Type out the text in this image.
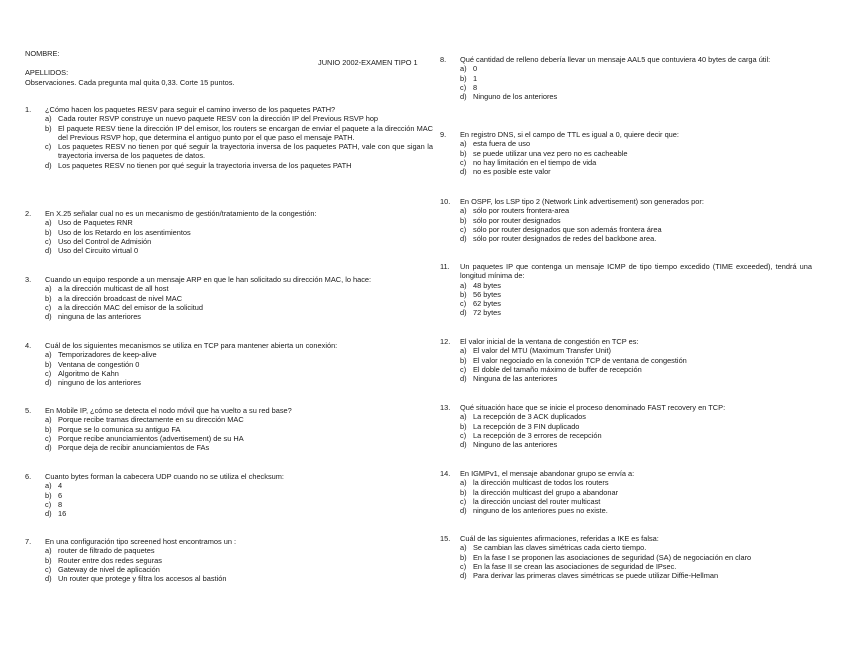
NOMBRE:
JUNIO 2002-EXAMEN TIPO 1
APELLIDOS:
Observaciones. Cada pregunta mal quita 0,33. Corte 15 puntos.
1. ¿Cómo hacen los paquetes RESV para seguir el camino inverso de los paquetes PATH?
a) Cada router RSVP construye un nuevo paquete RESV con la dirección IP del Previous RSVP hop
b) El paquete RESV tiene la dirección IP del emisor, los routers se encargan de enviar el paquete a la dirección MAC del Previous RSVP hop, que determina el antiguo punto por el que paso el mensaje PATH.
c) Los paquetes RESV no tienen por qué seguir la trayectoria inversa de los paquetes PATH, vale con que sigan la trayectoria inversa de los paquetes de datos.
d) Los paquetes RESV no tienen por qué seguir la trayectoria inversa de los paquetes PATH
2. En X.25 señalar cual no es un mecanismo de gestión/tratamiento de la congestión:
a) Uso de Paquetes RNR
b) Uso de los Retardo en los asentimientos
c) Uso del Control de Admisión
d) Uso del Circuito virtual 0
3. Cuando un equipo responde a un mensaje ARP en que le han solicitado su dirección MAC, lo hace:
a) a la dirección multicast de all host
b) a la dirección broadcast de nivel MAC
c) a la dirección MAC del emisor de la solicitud
d) ninguna de las anteriores
4. Cuál de los siguientes mecanismos se utiliza en TCP para mantener abierta un conexión:
a) Temporizadores de keep-alive
b) Ventana de congestión 0
c) Algoritmo de Kahn
d) ninguno de los anteriores
5. En Mobile IP, ¿cómo se detecta el nodo móvil que ha vuelto a su red base?
a) Porque recibe tramas directamente en su dirección MAC
b) Porque se lo comunica su antiguo FA
c) Porque recibe anunciamientos (advertisement) de su HA
d) Porque deja de recibir anunciamientos de FAs
6. Cuanto bytes forman la cabecera UDP cuando no se utiliza el checksum:
a) 4
b) 6
c) 8
d) 16
7. En una configuración tipo screened host encontramos un :
a) router de filtrado de paquetes
b) Router entre dos redes seguras
c) Gateway de nivel de aplicación
d) Un router que protege y filtra los accesos al bastión
8. Qué cantidad de relleno debería llevar un mensaje AAL5 que contuviera 40 bytes de carga útil:
a) 0
b) 1
c) 8
d) Ninguno de los anteriores
9. En registro DNS, si el campo de TTL es igual a 0, quiere decir que:
a) esta fuera de uso
b) se puede utilizar una vez pero no es cacheable
c) no hay limitación en el tiempo de vida
d) no es posible este valor
10. En OSPF, los LSP tipo 2 (Network Link advertisement) son generados por:
a) sólo por routers frontera-area
b) sólo por router designados
c) sólo por router designados que son además frontera área
d) sólo por router designados de redes del backbone area.
11. Un paquetes IP que contenga un mensaje ICMP de tipo tiempo excedido (TIME exceeded), tendrá una longitud mínima de:
a) 48 bytes
b) 56 bytes
c) 62 bytes
d) 72 bytes
12. El valor inicial de la ventana de congestión en TCP es:
a) El valor del MTU (Maximum Transfer Unit)
b) El valor negociado en la conexión TCP de ventana de congestión
c) El doble del tamaño máximo de buffer de recepción
d) Ninguna de las anteriores
13. Qué situación hace que se inicie el proceso denominado FAST recovery en TCP:
a) La recepción de 3 ACK duplicados
b) La recepción de 3 FIN duplicado
c) La recepción de 3 errores de recepción
d) Ninguno de las anteriores
14. En IGMPv1, el mensaje abandonar grupo se envía a:
a) la dirección multicast de todos los routers
b) la dirección multicast del grupo a abandonar
c) la dirección unciast del router multicast
d) ninguno de los anteriores pues no existe.
15. Cuál de las siguientes afirmaciones, referidas a IKE es falsa:
a) Se cambian las claves simétricas cada cierto tiempo.
b) En la fase I se proponen las asociaciones de seguridad (SA) de negociación en claro
c) En la fase II se crean las asociaciones de seguridad de IPsec.
d) Para derivar las primeras claves simétricas se puede utilizar Diffie-Hellman
